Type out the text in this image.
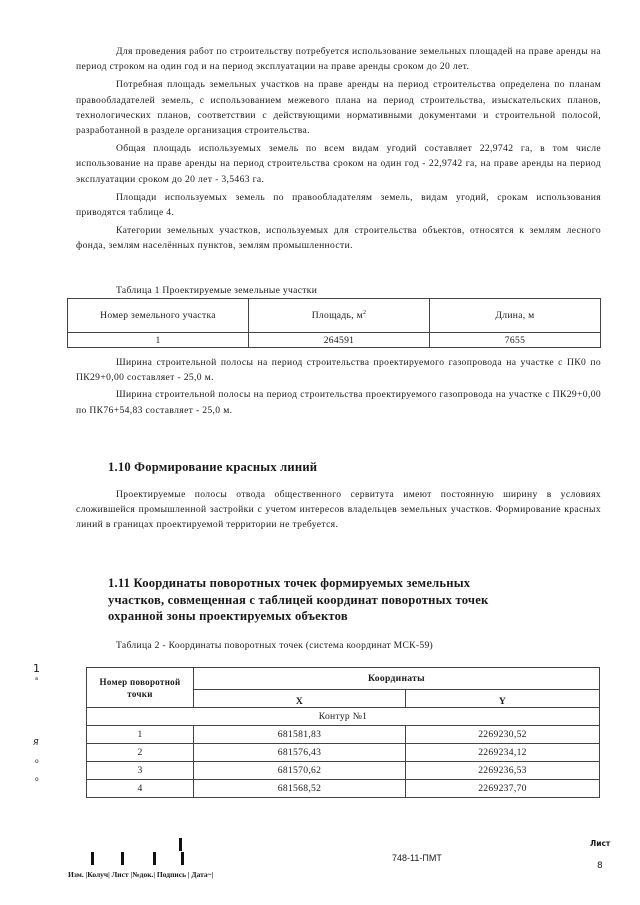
Для проведения работ по строительству потребуется использование земельных площадей на праве аренды на период строком на один год и на период эксплуатации на праве аренды сроком до 20 лет.

Потребная площадь земельных участков на праве аренды на период строительства определена по планам правообладателей земель, с использованием межевого плана на период строительства, изыскательских планов, технологических планов, соответствии с действующими нормативными документами и строительной полосой, разработанной в разделе организация строительства.

Общая площадь используемых земель по всем видам угодий составляет 22,9742 га, в том числе использование на праве аренды на период строительства сроком на один год - 22,9742 га, на праве аренды на период эксплуатации сроком до 20 лет - 3,5463 га.

Площади используемых земель по правообладателям земель, видам угодий, срокам использования приводятся таблице 4.

Категории земельных участков, используемых для строительства объектов, относятся к землям лесного фонда, землям населённых пунктов, землям промышленности.

Таблица 1 Проектируемые земельные участки
Номер земельного участка	Площадь, $м^2$	Длина, м
1	264591	7655

Ширина строительной полосы на период строительства проектируемого газопровода на участке с ПК0 по ПК29+0,00 составляет - 25,0 м.

Ширина строительной полосы на период строительства проектируемого газопровода на участке с ПК29+0,00 по ПК76+54,83 составляет - 25,0 м.

1.10 Формирование красных линий

Проектируемые полосы отвода общественного сервитута имеют постоянную ширину в условиях сложившейся промышленной застройки с учетом интересов владельцев земельных участков. Формирование красных линий в границах проектируемой территории не требуется.

1.11 Координаты поворотных точек формируемых земельных
участков, совмещенная с таблицей координат поворотных точек
охранной зоны проектируемых объектов
Таблица 2 - Координаты поворотных точек (система координат МСК-59)
Номер поворотной точки	Координаты	
	X	Y
Контур №1		
1	681581,83	2269230,52
2	681576,43	2269234,12
3	681570,62	2269236,53
4	681568,52	2269237,70
1
a
Я
о
о
748-11-ПМТ
Лист
8
Изм. |Колуч| Лист |№док.| Подпись | Дата~|
